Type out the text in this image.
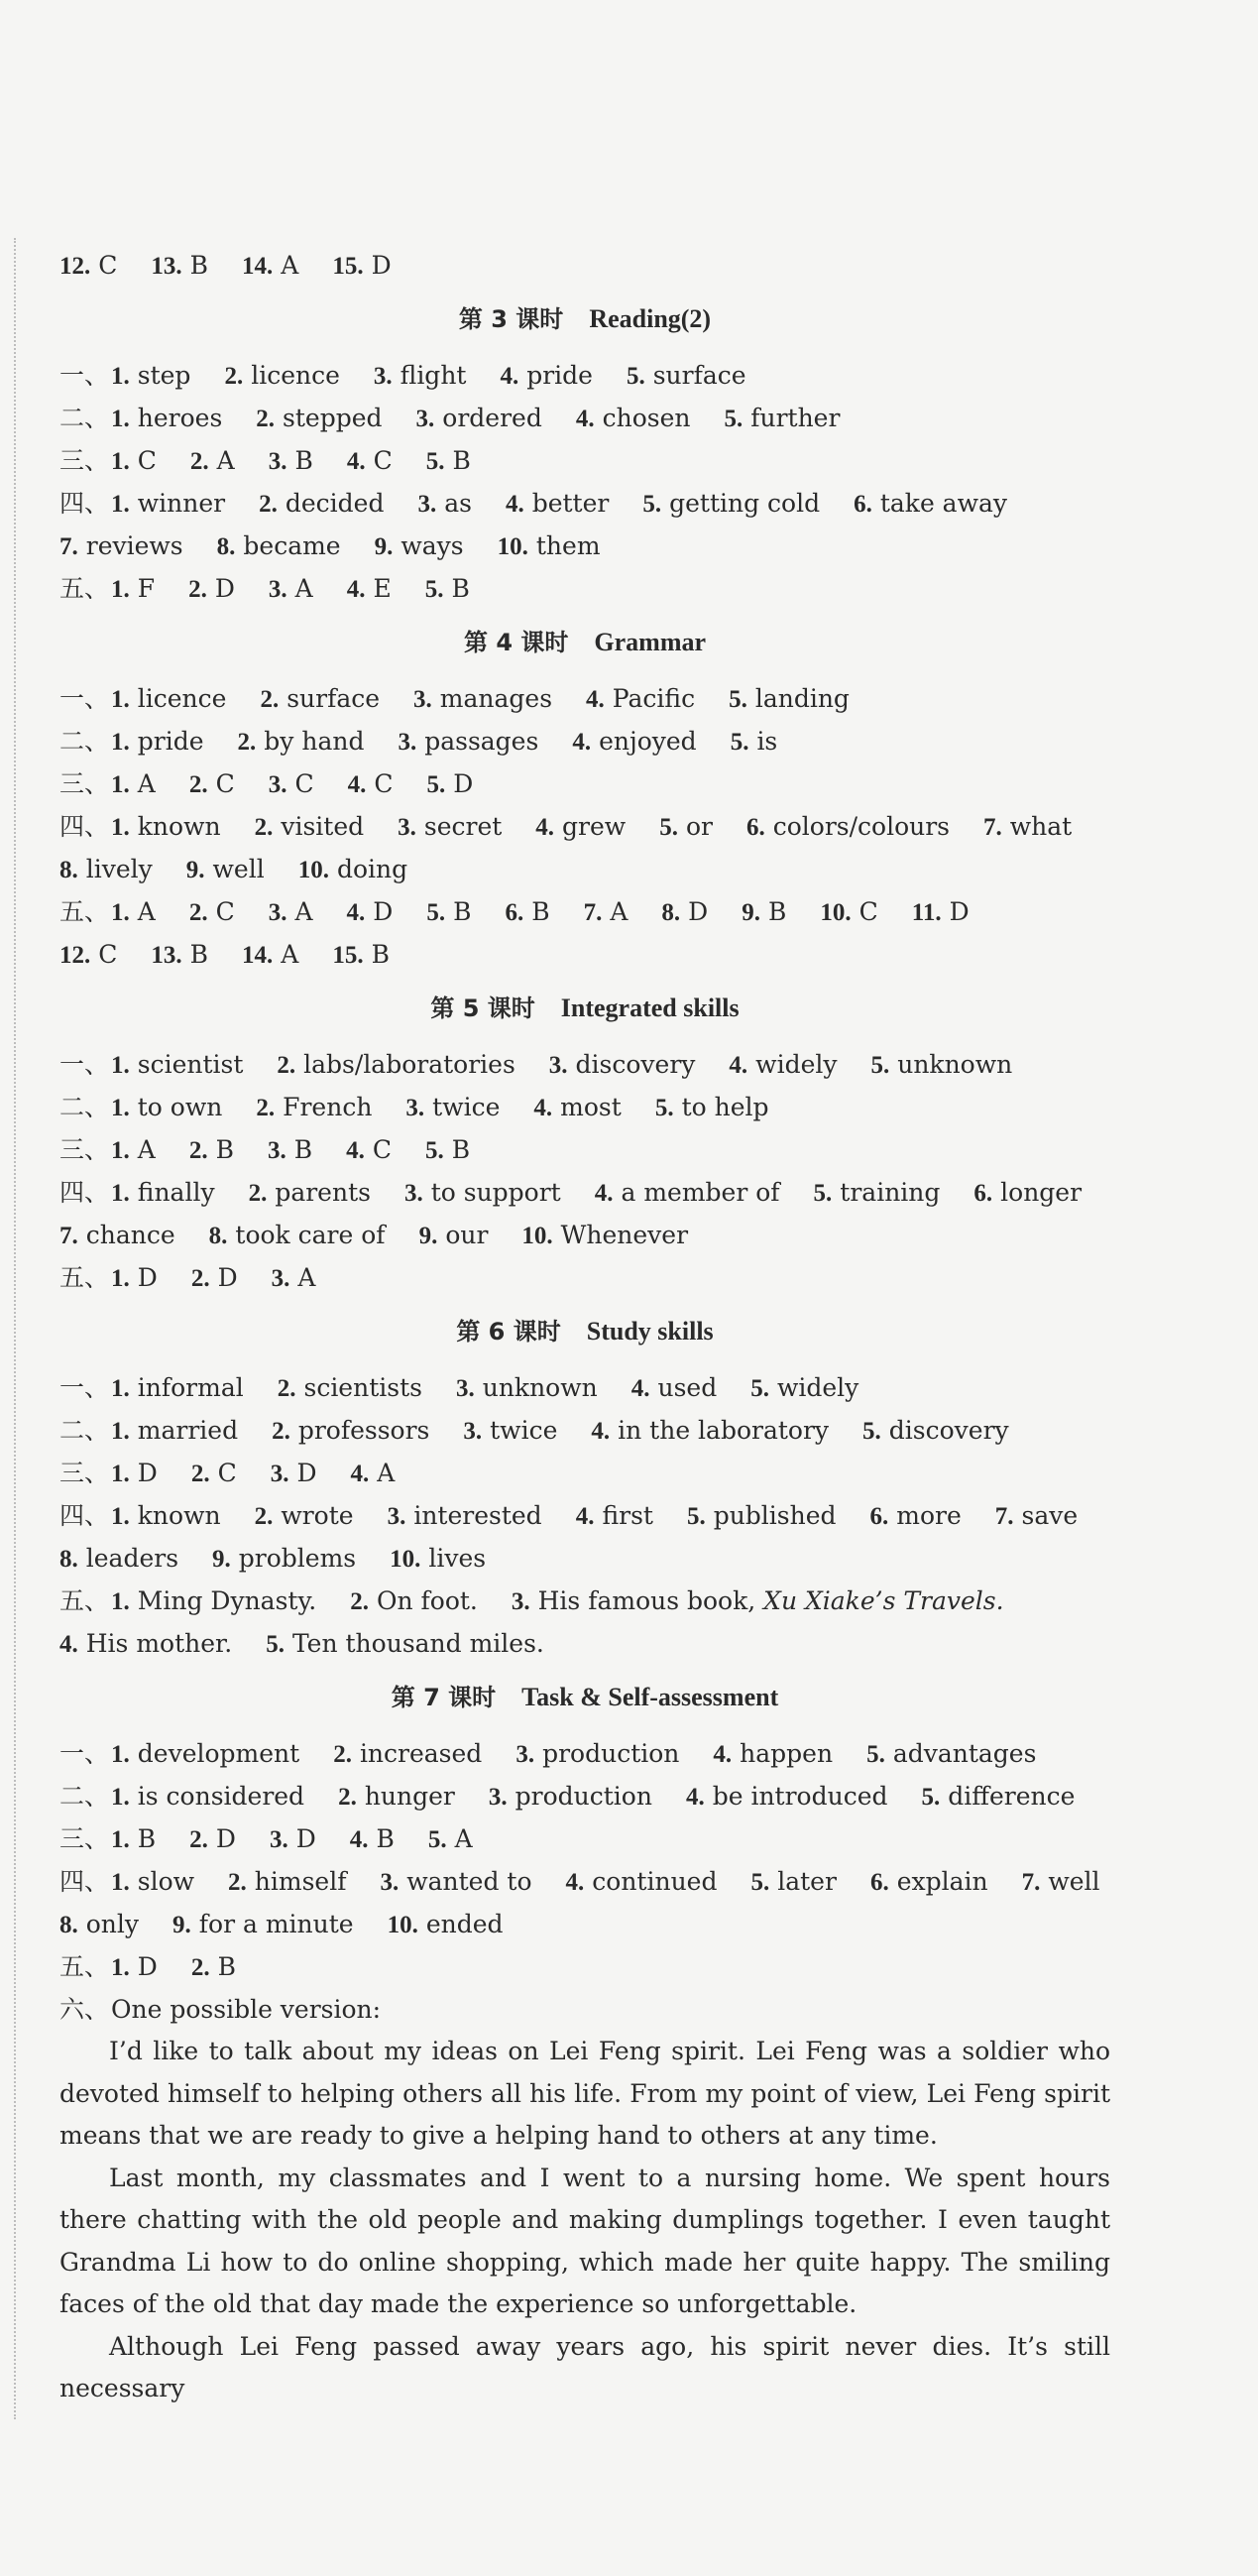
12. C 13. B 14. A 15. D
第 3 课时 Reading(2)
一、1. step 2. licence 3. flight 4. pride 5. surface
二、1. heroes 2. stepped 3. ordered 4. chosen 5. further
三、1. C 2. A 3. B 4. C 5. B
四、1. winner 2. decided 3. as 4. better 5. getting cold 6. take away
7. reviews 8. became 9. ways 10. them
五、1. F 2. D 3. A 4. E 5. B
第 4 课时 Grammar
一、1. licence 2. surface 3. manages 4. Pacific 5. landing
二、1. pride 2. by hand 3. passages 4. enjoyed 5. is
三、1. A 2. C 3. C 4. C 5. D
四、1. known 2. visited 3. secret 4. grew 5. or 6. colors/colours 7. what
8. lively 9. well 10. doing
五、1. A 2. C 3. A 4. D 5. B 6. B 7. A 8. D 9. B 10. C 11. D
12. C 13. B 14. A 15. B
第 5 课时 Integrated skills
一、1. scientist 2. labs/laboratories 3. discovery 4. widely 5. unknown
二、1. to own 2. French 3. twice 4. most 5. to help
三、1. A 2. B 3. B 4. C 5. B
四、1. finally 2. parents 3. to support 4. a member of 5. training 6. longer
7. chance 8. took care of 9. our 10. Whenever
五、1. D 2. D 3. A
第 6 课时 Study skills
一、1. informal 2. scientists 3. unknown 4. used 5. widely
二、1. married 2. professors 3. twice 4. in the laboratory 5. discovery
三、1. D 2. C 3. D 4. A
四、1. known 2. wrote 3. interested 4. first 5. published 6. more 7. save
8. leaders 9. problems 10. lives
五、1. Ming Dynasty. 2. On foot. 3. His famous book, Xu Xiake’s Travels.
4. His mother. 5. Ten thousand miles.
第 7 课时 Task & Self-assessment
一、1. development 2. increased 3. production 4. happen 5. advantages
二、1. is considered 2. hunger 3. production 4. be introduced 5. difference
三、1. B 2. D 3. D 4. B 5. A
四、1. slow 2. himself 3. wanted to 4. continued 5. later 6. explain 7. well
8. only 9. for a minute 10. ended
五、1. D 2. B
六、One possible version:

I’d like to talk about my ideas on Lei Feng spirit. Lei Feng was a soldier who devoted himself to helping others all his life. From my point of view, Lei Feng spirit means that we are ready to give a helping hand to others at any time.

Last month, my classmates and I went to a nursing home. We spent hours there chatting with the old people and making dumplings together. I even taught Grandma Li how to do online shopping, which made her quite happy. The smiling faces of the old that day made the experience so unforgettable.

Although Lei Feng passed away years ago, his spirit never dies. It’s still necessary
